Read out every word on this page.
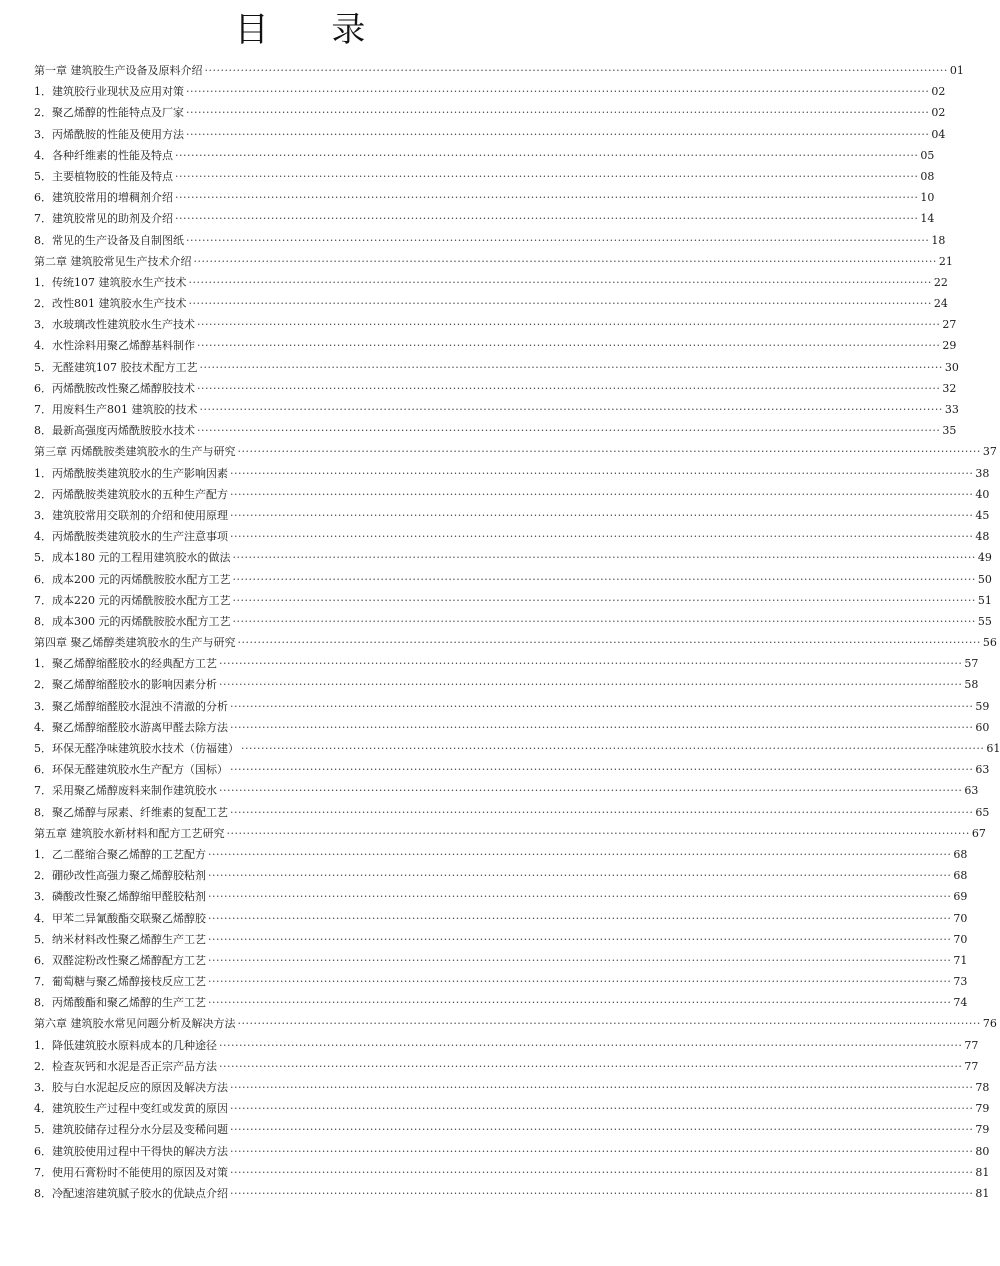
目 录
第一章 建筑胶生产设备及原料介绍 ·····	01
1．建筑胶行业现状及应用对策 ·····	02
2．聚乙烯醇的性能特点及厂家 ·····	02
3．丙烯酰胺的性能及使用方法 ·····	04
4．各种纤维素的性能及特点 ·····	05
5．主要植物胶的性能及特点 ·····	08
6．建筑胶常用的增稠剂介绍 ·····	10
7．建筑胶常见的助剂及介绍 ·····	14
8．常见的生产设备及自制图纸 ·····	18
第二章 建筑胶常见生产技术介绍 ·····	21
1．传统107 建筑胶水生产技术 ·····	22
2．改性801 建筑胶水生产技术 ·····	24
3．水玻璃改性建筑胶水生产技术 ·····	27
4．水性涂料用聚乙烯醇基料制作 ·····	29
5．无醛建筑107 胶技术配方工艺 ·····	30
6．丙烯酰胺改性聚乙烯醇胶技术 ·····	32
7．用废料生产801 建筑胶的技术 ·····	33
8．最新高强度丙烯酰胺胶水技术 ·····	35
第三章 丙烯酰胺类建筑胶水的生产与研究 ·····	37
1．丙烯酰胺类建筑胶水的生产影响因素 ·····	38
2．丙烯酰胺类建筑胶水的五种生产配方 ·····	40
3．建筑胶常用交联剂的介绍和使用原理 ·····	45
4．丙烯酰胺类建筑胶水的生产注意事项 ·····	48
5．成本180 元的工程用建筑胶水的做法 ·····	49
6．成本200 元的丙烯酰胺胶水配方工艺 ·····	50
7．成本220 元的丙烯酰胺胶水配方工艺 ·····	51
8．成本300 元的丙烯酰胺胶水配方工艺 ·····	55
第四章 聚乙烯醇类建筑胶水的生产与研究 ·····	56
1．聚乙烯醇缩醛胶水的经典配方工艺 ·····	57
2．聚乙烯醇缩醛胶水的影响因素分析 ·····	58
3．聚乙烯醇缩醛胶水混浊不清澈的分析 ·····	59
4．聚乙烯醇缩醛胶水游离甲醛去除方法 ·····	60
5．环保无醛净味建筑胶水技术（仿福建） ·····	61
6．环保无醛建筑胶水生产配方（国标） ·····	63
7．采用聚乙烯醇废料来制作建筑胶水 ·····	63
8．聚乙烯醇与尿素、纤维素的复配工艺 ·····	65
第五章 建筑胶水新材料和配方工艺研究 ·····	67
1．乙二醛缩合聚乙烯醇的工艺配方 ·····	68
2．硼砂改性高强力聚乙烯醇胶粘剂 ·····	68
3．磷酸改性聚乙烯醇缩甲醛胶粘剂 ·····	69
4．甲苯二异氰酸酯交联聚乙烯醇胶 ·····	70
5．纳米材料改性聚乙烯醇生产工艺 ·····	70
6．双醛淀粉改性聚乙烯醇配方工艺 ·····	71
7．葡萄糖与聚乙烯醇接枝反应工艺 ·····	73
8．丙烯酸酯和聚乙烯醇的生产工艺 ·····	74
第六章 建筑胶水常见问题分析及解决方法 ·····	76
1．降低建筑胶水原料成本的几种途径 ·····	77
2．检查灰钙和水泥是否正宗产品方法 ·····	77
3．胶与白水泥起反应的原因及解决方法 ·····	78
4．建筑胶生产过程中变红或发黄的原因 ·····	79
5．建筑胶储存过程分水分层及变稀问题 ·····	79
6．建筑胶使用过程中干得快的解决方法 ·····	80
7．使用石膏粉时不能使用的原因及对策 ·····	81
8．冷配速溶建筑腻子胶水的优缺点介绍 ·····	81
